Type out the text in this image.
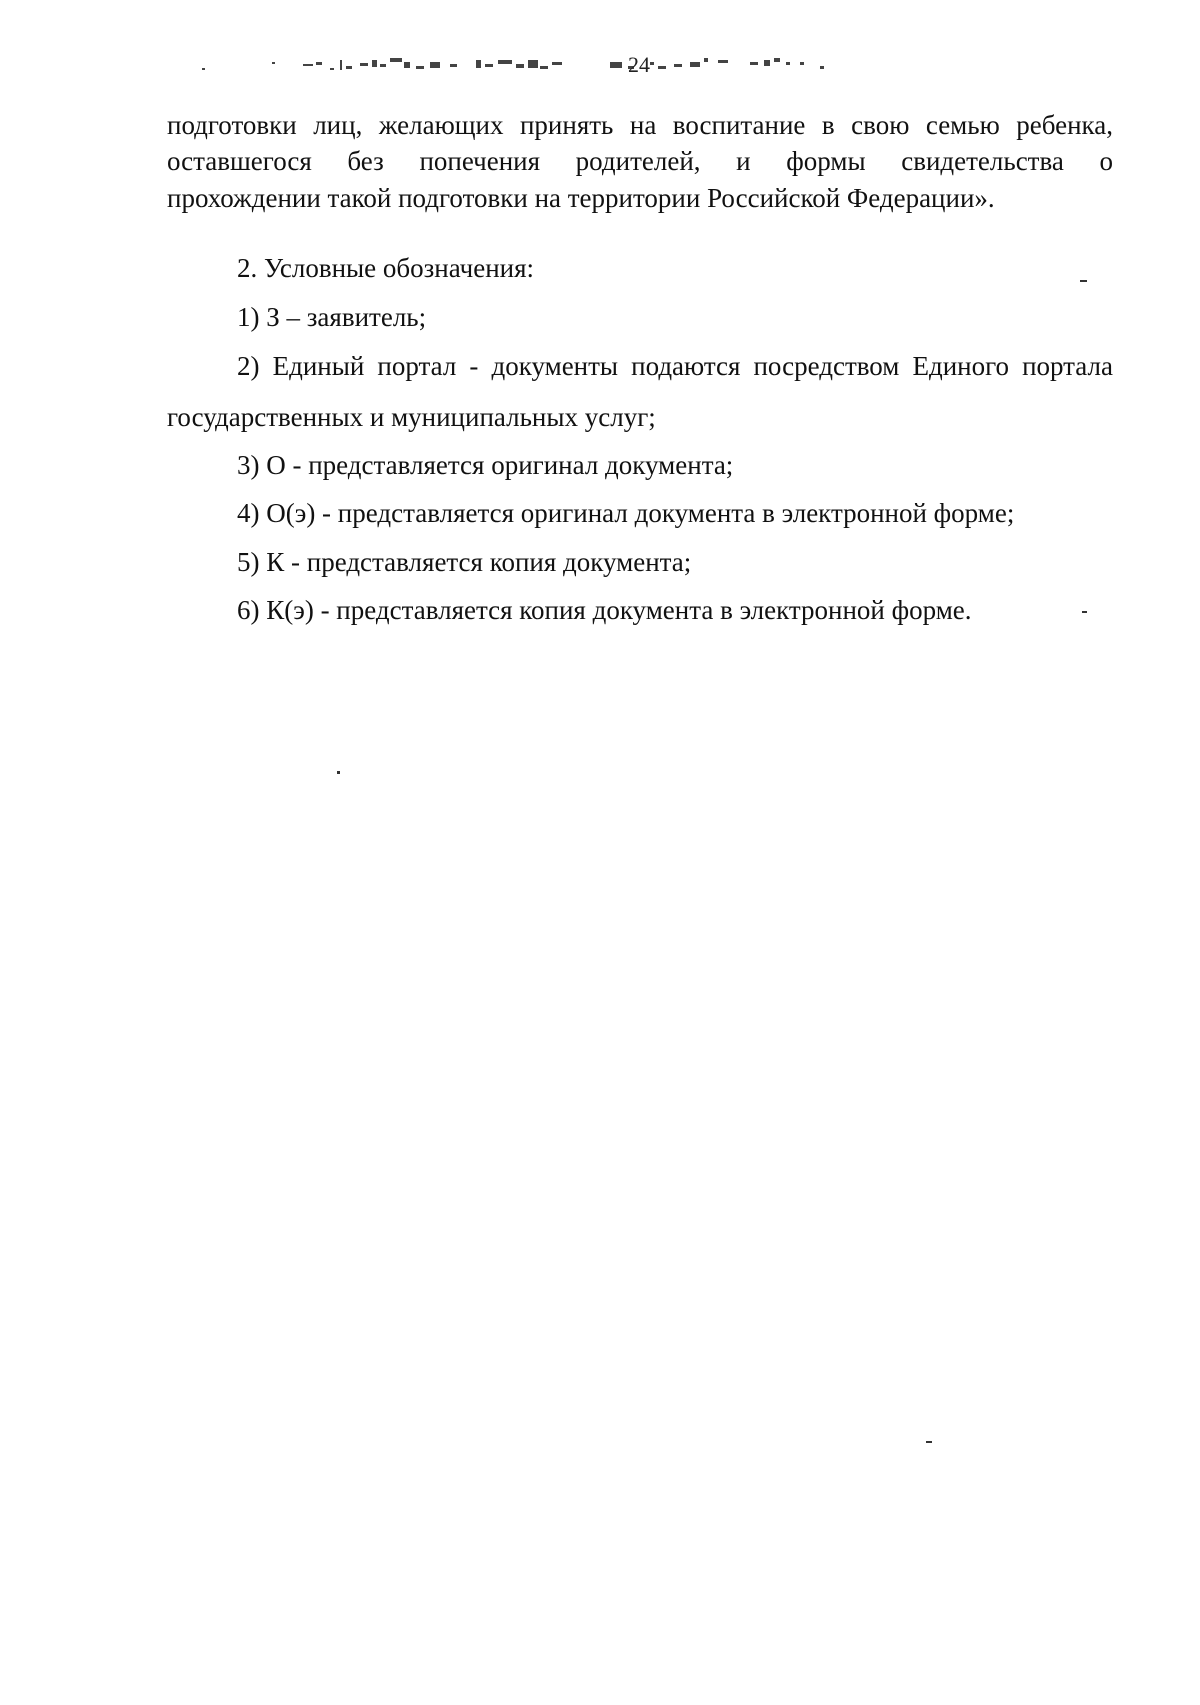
24
подготовки лиц, желающих принять на воспитание в свою семью ребенка,
оставшегося без попечения родителей, и формы свидетельства о
прохождении такой подготовки на территории Российской Федерации».
2. Условные обозначения:
1) З – заявитель;
2) Единый портал - документы подаются посредством Единого портала
государственных и муниципальных услуг;
3) О - представляется оригинал документа;
4) О(э) - представляется оригинал документа в электронной форме;
5) К - представляется копия документа;
6) К(э) - представляется копия документа в электронной форме.
